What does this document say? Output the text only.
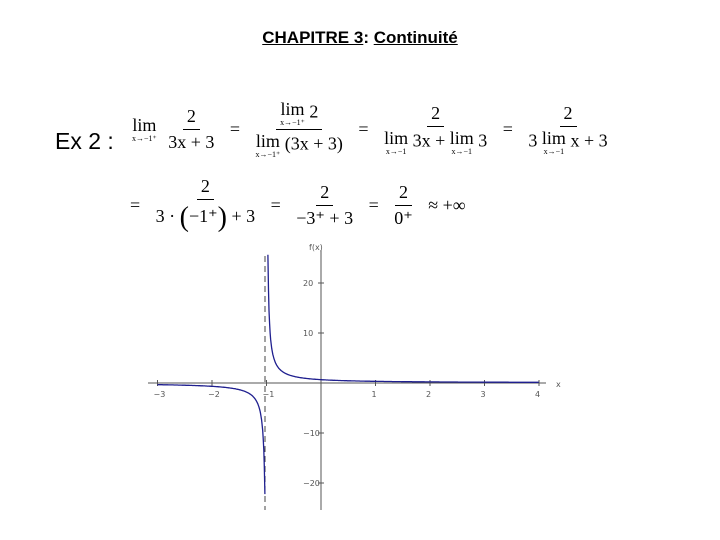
CHAPITRE 3: Continuité
Ex 2 :
lim
x→−1⁺
$\frac{2}{3x + 3} = \lim$
x→−1⁺
2
lim
x→−1⁺
(3x + 3) = 2
lim
x→−1
3x + lim
x→−1
3 = 2
3 lim
x→−1
x + 3
= $\frac{2}{3 \cdot (-1^+) + 3} = \frac{2}{-3^+ + 3} = \frac{2}{0^+}$ ≈ +∞
−3	−2	−1	1	2	3	4
20
10
−10
−20
f(x)
x
